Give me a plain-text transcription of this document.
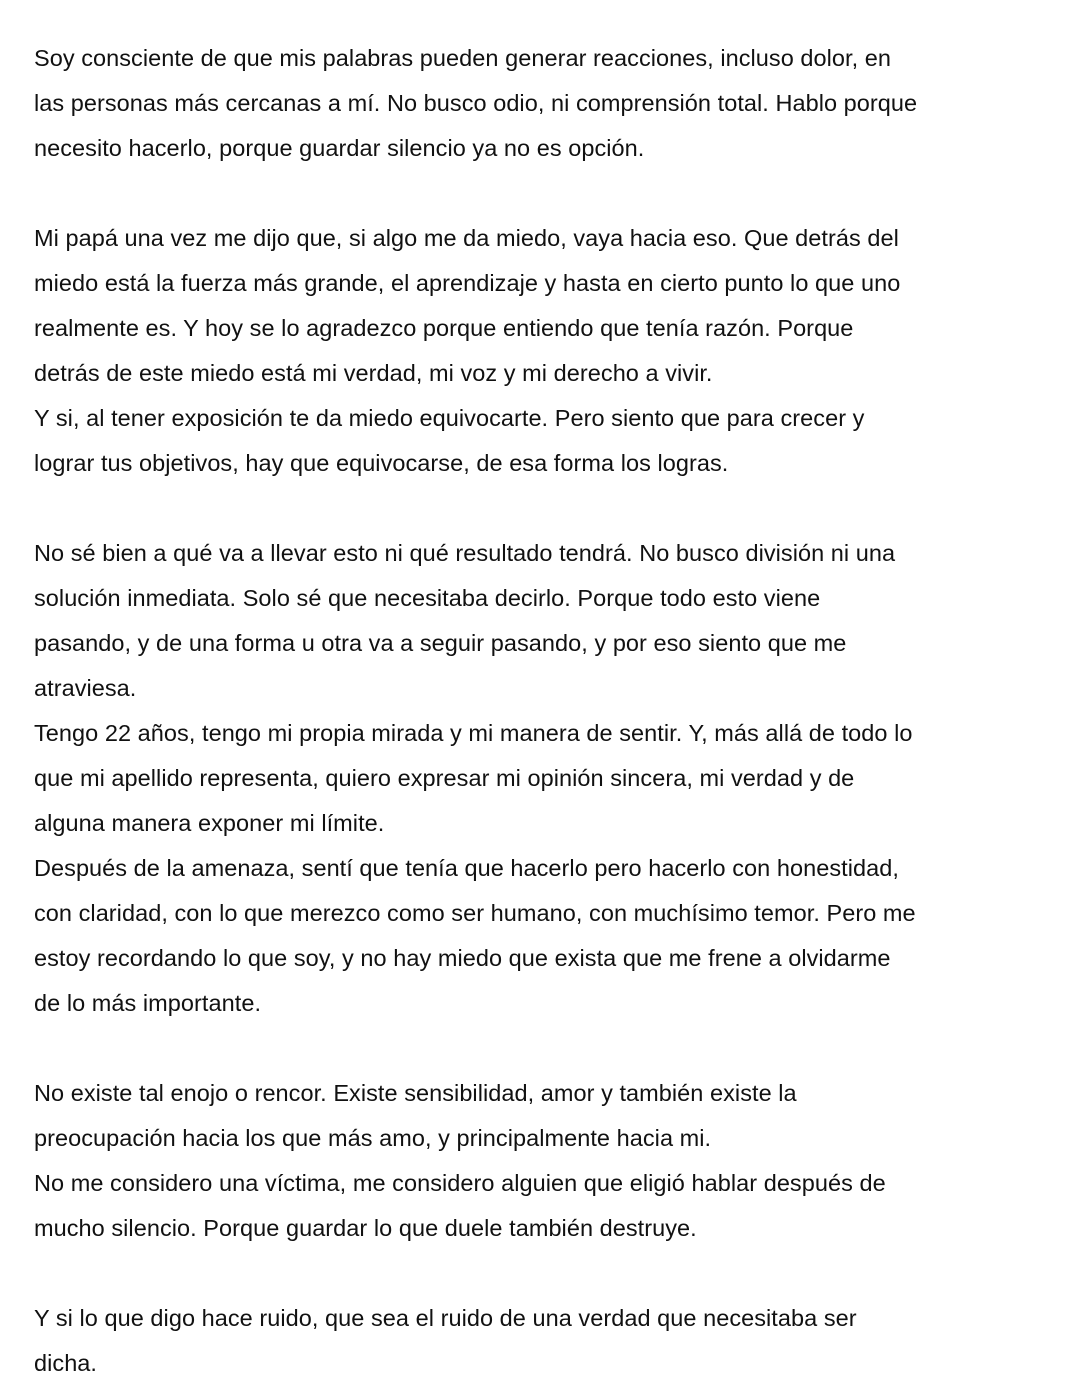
Soy consciente de que mis palabras pueden generar reacciones, incluso dolor, en
las personas más cercanas a mí. No busco odio, ni comprensión total. Hablo porque
necesito hacerlo, porque guardar silencio ya no es opción.
Mi papá una vez me dijo que, si algo me da miedo, vaya hacia eso. Que detrás del
miedo está la fuerza más grande, el aprendizaje y hasta en cierto punto lo que uno
realmente es. Y hoy se lo agradezco porque entiendo que tenía razón. Porque
detrás de este miedo está mi verdad, mi voz y mi derecho a vivir.
Y si, al tener exposición te da miedo equivocarte. Pero siento que para crecer y
lograr tus objetivos, hay que equivocarse, de esa forma los logras.
No sé bien a qué va a llevar esto ni qué resultado tendrá. No busco división ni una
solución inmediata. Solo sé que necesitaba decirlo. Porque todo esto viene
pasando, y de una forma u otra va a seguir pasando, y por eso siento que me
atraviesa.
Tengo 22 años, tengo mi propia mirada y mi manera de sentir. Y, más allá de todo lo
que mi apellido representa, quiero expresar mi opinión sincera, mi verdad y de
alguna manera exponer mi límite.
Después de la amenaza, sentí que tenía que hacerlo pero hacerlo con honestidad,
con claridad, con lo que merezco como ser humano, con muchísimo temor. Pero me
estoy recordando lo que soy, y no hay miedo que exista que me frene a olvidarme
de lo más importante.
No existe tal enojo o rencor. Existe sensibilidad, amor y también existe la
preocupación hacia los que más amo, y principalmente hacia mi.
No me considero una víctima, me considero alguien que eligió hablar después de
mucho silencio. Porque guardar lo que duele también destruye.
Y si lo que digo hace ruido, que sea el ruido de una verdad que necesitaba ser
dicha.
